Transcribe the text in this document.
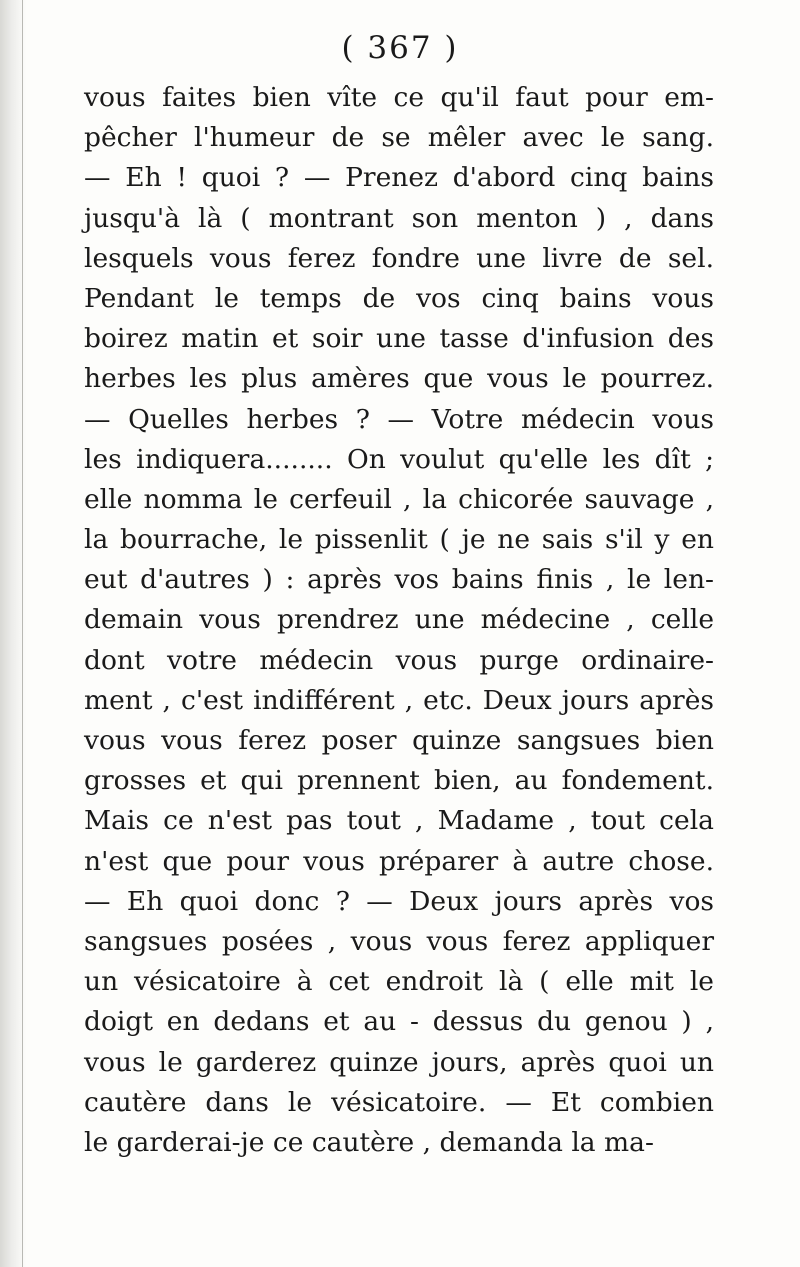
( 367 )
vous faites bien vîte ce qu'il faut pour em-
pêcher l'humeur de se mêler avec le sang.
— Eh ! quoi ? — Prenez d'abord cinq bains
jusqu'à là ( montrant son menton ) , dans
lesquels vous ferez fondre une livre de sel.
Pendant le temps de vos cinq bains vous
boirez matin et soir une tasse d'infusion des
herbes les plus amères que vous le pourrez.
— Quelles herbes ? — Votre médecin vous
les indiquera........ On voulut qu'elle les dît ;
elle nomma le cerfeuil , la chicorée sauvage ,
la bourrache, le pissenlit ( je ne sais s'il y en
eut d'autres ) : après vos bains finis , le len-
demain vous prendrez une médecine , celle
dont votre médecin vous purge ordinaire-
ment , c'est indifférent , etc. Deux jours après
vous vous ferez poser quinze sangsues bien
grosses et qui prennent bien, au fondement.
Mais ce n'est pas tout , Madame , tout cela
n'est que pour vous préparer à autre chose.
— Eh quoi donc ? — Deux jours après vos
sangsues posées , vous vous ferez appliquer
un vésicatoire à cet endroit là ( elle mit le
doigt en dedans et au - dessus du genou ) ,
vous le garderez quinze jours, après quoi un
cautère dans le vésicatoire. — Et combien
le garderai-je ce cautère , demanda la ma-
